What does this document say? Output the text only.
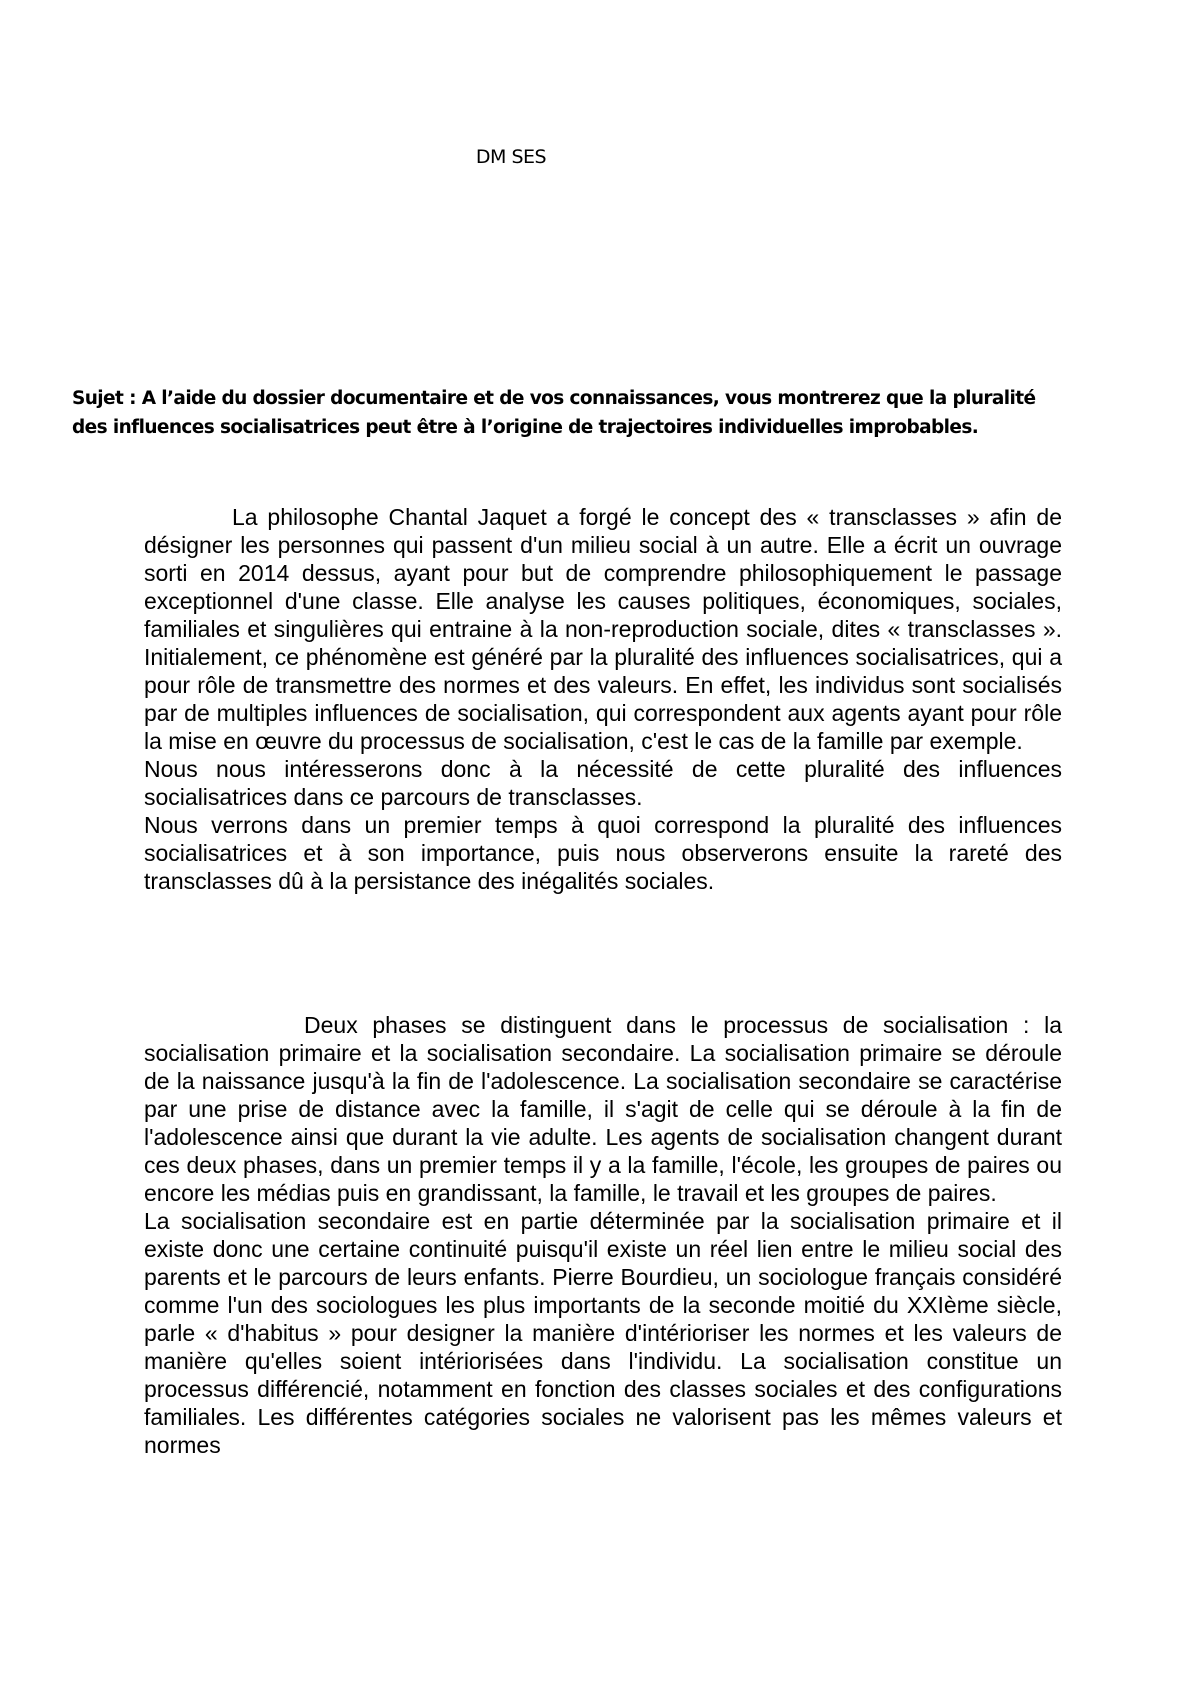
DM SES

Sujet : A l’aide du dossier documentaire et de vos connaissances, vous montrerez que la pluralité des influences socialisatrices peut être à l’origine de trajectoires individuelles improbables.

La philosophe Chantal Jaquet a forgé le concept des « transclasses » afin de désigner les personnes qui passent d'un milieu social à un autre. Elle a écrit un ouvrage sorti en 2014 dessus, ayant pour but de comprendre philosophiquement le passage exceptionnel d'une classe. Elle analyse les causes politiques, économiques, sociales, familiales et singulières qui entraine à la non-reproduction sociale, dites « transclasses ». Initialement, ce phénomène est généré par la pluralité des influences socialisatrices, qui a pour rôle de transmettre des normes et des valeurs. En effet, les individus sont socialisés par de multiples influences de socialisation, qui correspondent aux agents ayant pour rôle la mise en œuvre du processus de socialisation, c'est le cas de la famille par exemple.

Nous nous intéresserons donc à la nécessité de cette pluralité des influences socialisatrices dans ce parcours de transclasses.

Nous verrons dans un premier temps à quoi correspond la pluralité des influences socialisatrices et à son importance, puis nous observerons ensuite la rareté des transclasses dû à la persistance des inégalités sociales.

Deux phases se distinguent dans le processus de socialisation : la socialisation primaire et la socialisation secondaire. La socialisation primaire se déroule de la naissance jusqu'à la fin de l'adolescence. La socialisation secondaire se caractérise par une prise de distance avec la famille, il s'agit de celle qui se déroule à la fin de l'adolescence ainsi que durant la vie adulte. Les agents de socialisation changent durant ces deux phases, dans un premier temps il y a la famille, l'école, les groupes de paires ou encore les médias puis en grandissant, la famille, le travail et les groupes de paires.

La socialisation secondaire est en partie déterminée par la socialisation primaire et il existe donc une certaine continuité puisqu'il existe un réel lien entre le milieu social des parents et le parcours de leurs enfants. Pierre Bourdieu, un sociologue français considéré comme l'un des sociologues les plus importants de la seconde moitié du XXIème siècle, parle « d'habitus » pour designer la manière d'intérioriser les normes et les valeurs de manière qu'elles soient intériorisées dans l'individu. La socialisation constitue un processus différencié, notamment en fonction des classes sociales et des configurations familiales. Les différentes catégories sociales ne valorisent pas les mêmes valeurs et normes
